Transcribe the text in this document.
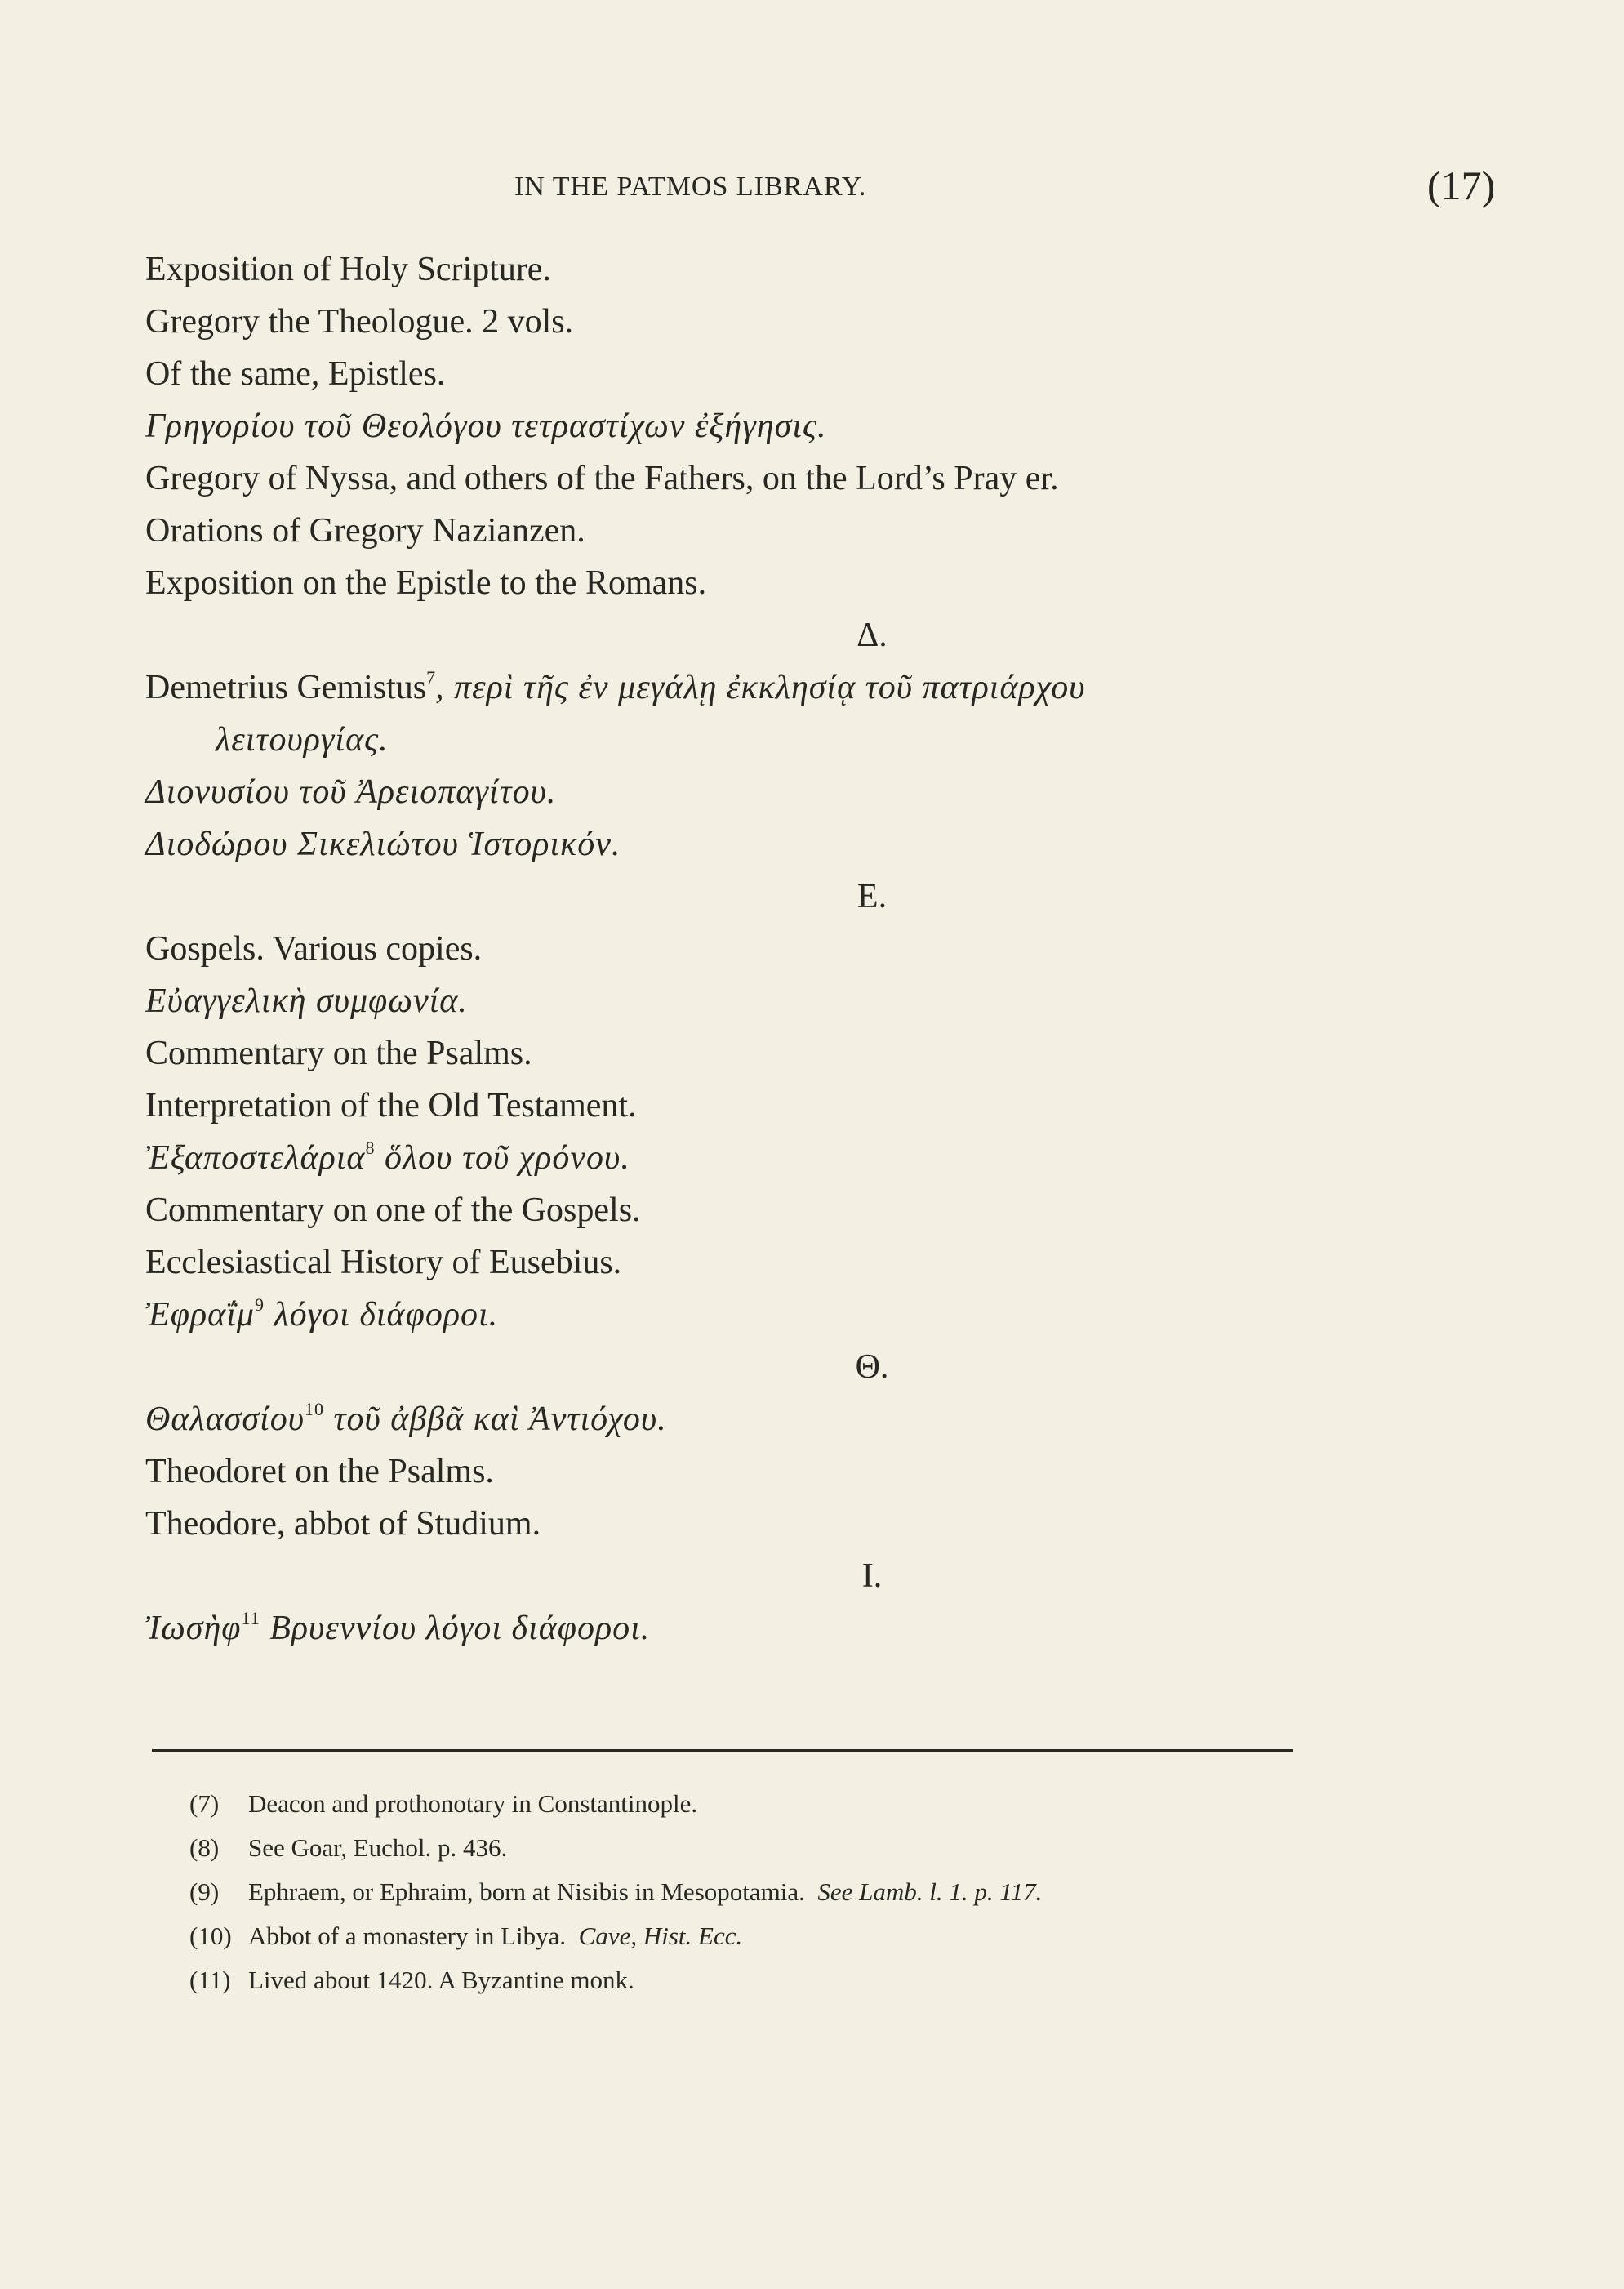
IN THE PATMOS LIBRARY.	(17)
Exposition of Holy Scripture.
Gregory the Theologue. 2 vols.
Of the same, Epistles.
Γρηγορίου τοῦ Θεολόγου τετραστίχων ἐξήγησις.
Gregory of Nyssa, and others of the Fathers, on the Lord’s Pray er.
Orations of Gregory Nazianzen.
Exposition on the Epistle to the Romans.
Δ.
Demetrius Gemistus$^7$, περὶ τῆς ἐν μεγάλῃ ἐκκλησίᾳ τοῦ πατριάρχου
λειτουργίας.
Διονυσίου τοῦ Ἀρειοπαγίτου.
Διοδώρου Σικελιώτου Ἱστορικόν.
E.
Gospels. Various copies.
Εὐαγγελικὴ συμφωνία.
Commentary on the Psalms.
Interpretation of the Old Testament.
Ἐξαποστελάρια$^8$ ὅλου τοῦ χρόνου.
Commentary on one of the Gospels.
Ecclesiastical History of Eusebius.
Ἐφραΐμ$^9$ λόγοι διάφοροι.
Θ.
Θαλασσίου$^{10}$ τοῦ ἀββᾶ καὶ Ἀντιόχου.
Theodoret on the Psalms.
Theodore, abbot of Studium.
I.
Ἰωσὴφ$^{11}$ Βρυεννίου λόγοι διάφοροι.
(7) Deacon and prothonotary in Constantinople.
(8) See Goar, Euchol. p. 436.
(9) Ephraem, or Ephraim, born at Nisibis in Mesopotamia. See Lamb. l. 1. p. 117.
(10) Abbot of a monastery in Libya. Cave, Hist. Ecc.
(11) Lived about 1420. A Byzantine monk.
